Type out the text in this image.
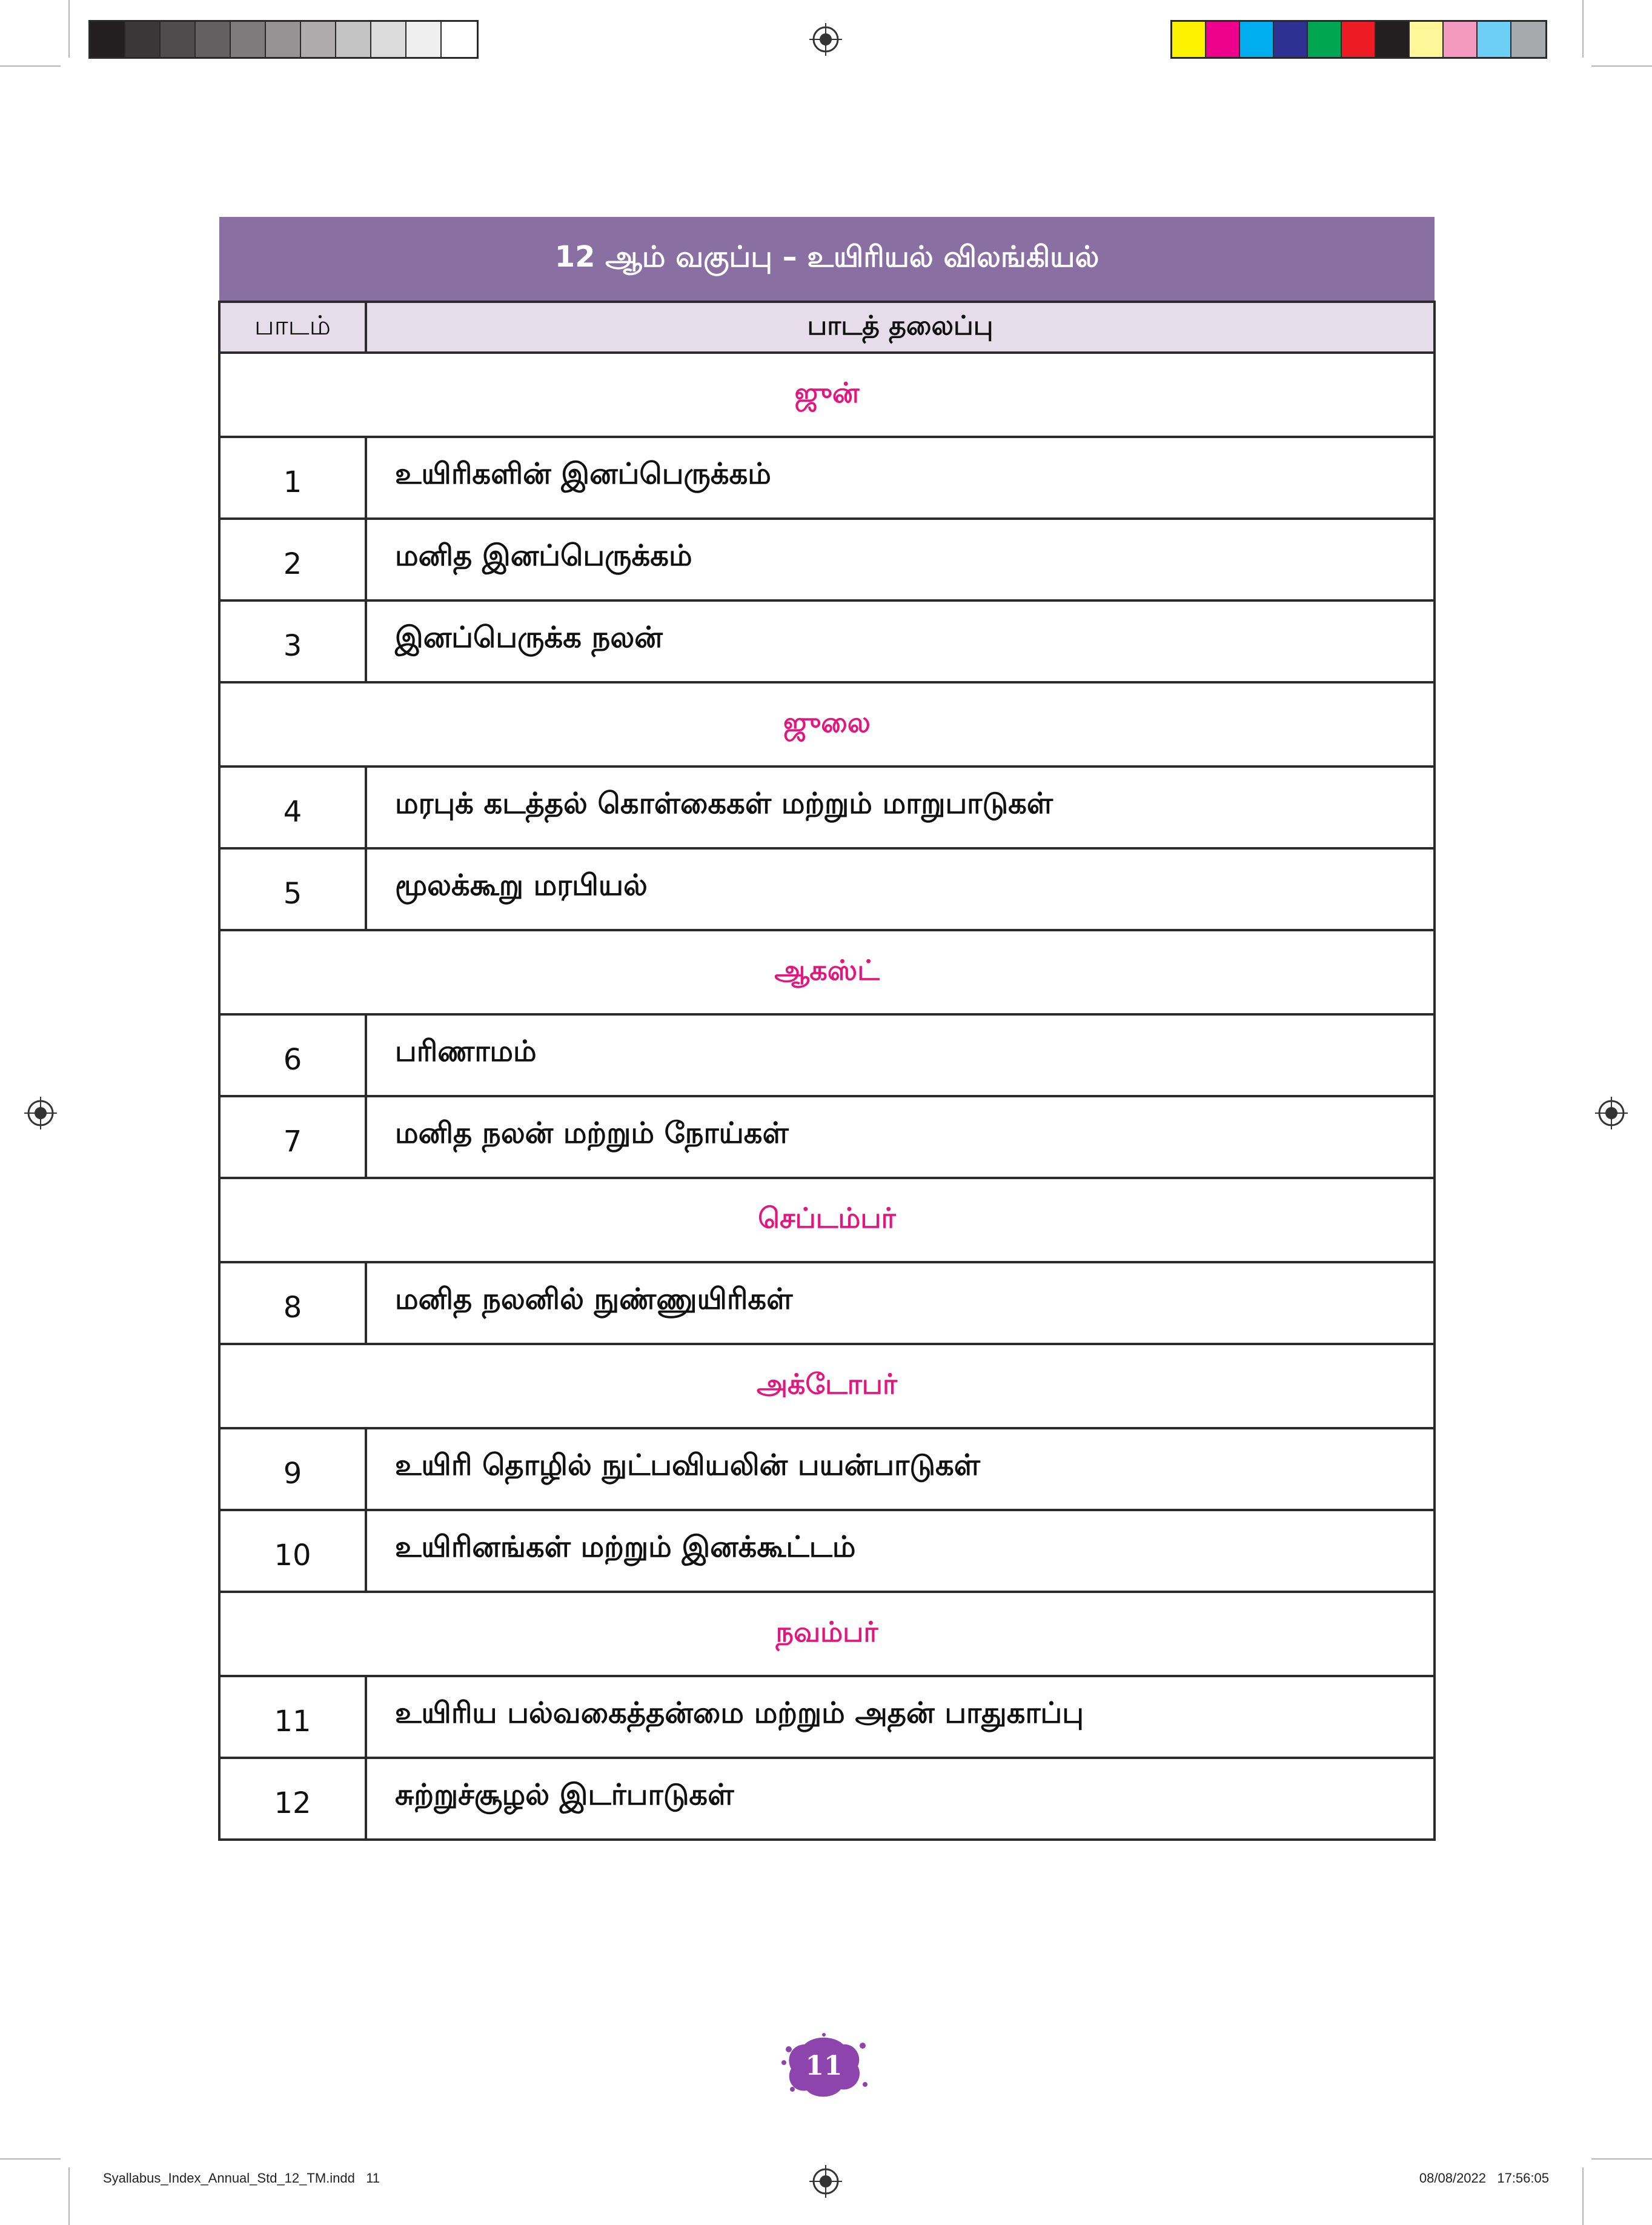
12 ஆம் வகுப்பு – உயிரியல் விலங்கியல்	
பாடம்	பாடத் தலைப்பு
ஜுன்	
1	உயிரிகளின் இனப்பெருக்கம்
2	மனித இனப்பெருக்கம்
3	இனப்பெருக்க நலன்
ஜுலை	
4	மரபுக் கடத்தல் கொள்கைகள் மற்றும் மாறுபாடுகள்
5	மூலக்கூறு மரபியல்
ஆகஸ்ட்	
6	பரிணாமம்
7	மனித நலன் மற்றும் நோய்கள்
செப்டம்பர்	
8	மனித நலனில் நுண்ணுயிரிகள்
அக்டோபர்	
9	உயிரி தொழில் நுட்பவியலின் பயன்பாடுகள்
10	உயிரினங்கள் மற்றும் இனக்கூட்டம்
நவம்பர்	
11	உயிரிய பல்வகைத்தன்மை மற்றும் அதன் பாதுகாப்பு
12	சுற்றுச்சூழல் இடர்பாடுகள்
11
Syallabus_Index_Annual_Std_12_TM.indd   11	08/08/2022   17:56:05
